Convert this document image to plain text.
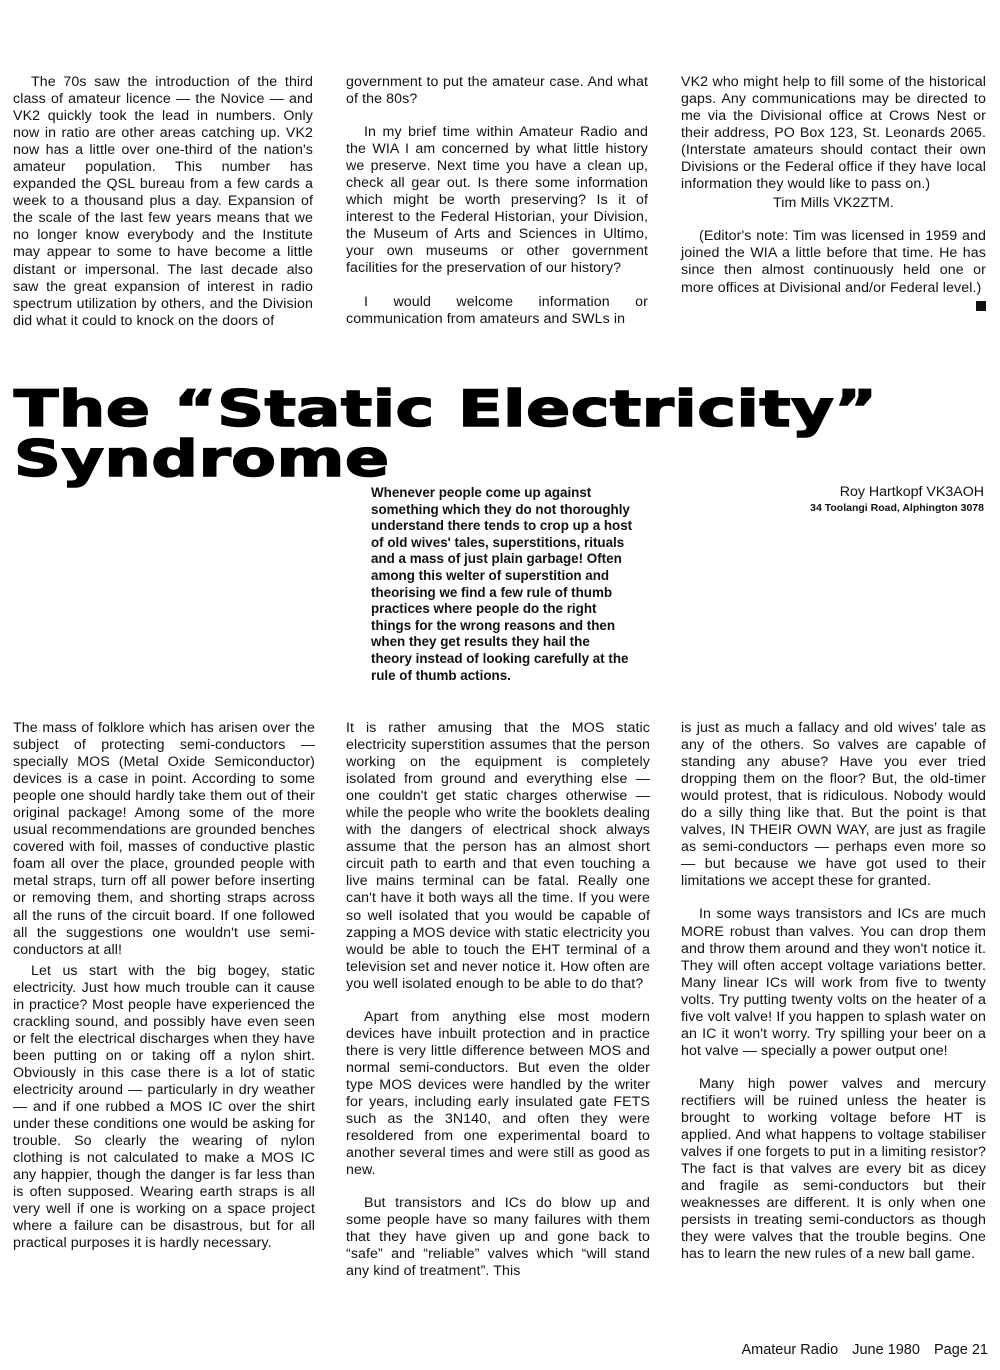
The 70s saw the introduction of the third class of amateur licence — the Novice — and VK2 quickly took the lead in numbers. Only now in ratio are other areas catching up. VK2 now has a little over one-third of the nation's amateur population. This number has expanded the QSL bureau from a few cards a week to a thousand plus a day. Expansion of the scale of the last few years means that we no longer know everybody and the Institute may appear to some to have become a little distant or impersonal. The last decade also saw the great expansion of interest in radio spectrum utilization by others, and the Division did what it could to knock on the doors of

government to put the amateur case. And what of the 80s?

In my brief time within Amateur Radio and the WIA I am concerned by what little history we preserve. Next time you have a clean up, check all gear out. Is there some information which might be worth preserving? Is it of interest to the Federal Historian, your Division, the Museum of Arts and Sciences in Ultimo, your own museums or other government facilities for the preservation of our history?

I would welcome information or communication from amateurs and SWLs in

VK2 who might help to fill some of the historical gaps. Any communications may be directed to me via the Divisional office at Crows Nest or their address, PO Box 123, St. Leonards 2065. (Interstate amateurs should contact their own Divisions or the Federal office if they have local information they would like to pass on.)

Tim Mills VK2ZTM.

(Editor's note: Tim was licensed in 1959 and joined the WIA a little before that time. He has since then almost continuously held one or more offices at Divisional and/or Federal level.)

The “Static Electricity”
Syndrome
Whenever people come up against something which they do not thoroughly understand there tends to crop up a host of old wives' tales, superstitions, rituals and a mass of just plain garbage! Often among this welter of superstition and theorising we find a few rule of thumb practices where people do the right things for the wrong reasons and then when they get results they hail the theory instead of looking carefully at the rule of thumb actions.
Roy Hartkopf VK3AOH
34 Toolangi Road, Alphington 3078

The mass of folklore which has arisen over the subject of protecting semi-conductors — specially MOS (Metal Oxide Semiconductor) devices is a case in point. According to some people one should hardly take them out of their original package! Among some of the more usual recommendations are grounded benches covered with foil, masses of conductive plastic foam all over the place, grounded people with metal straps, turn off all power before inserting or removing them, and shorting straps across all the runs of the circuit board. If one followed all the suggestions one wouldn't use semi-conductors at all!

Let us start with the big bogey, static electricity. Just how much trouble can it cause in practice? Most people have experienced the crackling sound, and possibly have even seen or felt the electrical discharges when they have been putting on or taking off a nylon shirt. Obviously in this case there is a lot of static electricity around — particularly in dry weather — and if one rubbed a MOS IC over the shirt under these conditions one would be asking for trouble. So clearly the wearing of nylon clothing is not calculated to make a MOS IC any happier, though the danger is far less than is often supposed. Wearing earth straps is all very well if one is working on a space project where a failure can be disastrous, but for all practical purposes it is hardly necessary.

It is rather amusing that the MOS static electricity superstition assumes that the person working on the equipment is completely isolated from ground and everything else — one couldn't get static charges otherwise — while the people who write the booklets dealing with the dangers of electrical shock always assume that the person has an almost short circuit path to earth and that even touching a live mains terminal can be fatal. Really one can't have it both ways all the time. If you were so well isolated that you would be capable of zapping a MOS device with static electricity you would be able to touch the EHT terminal of a television set and never notice it. How often are you well isolated enough to be able to do that?

Apart from anything else most modern devices have inbuilt protection and in practice there is very little difference between MOS and normal semi-conductors. But even the older type MOS devices were handled by the writer for years, including early insulated gate FETS such as the 3N140, and often they were resoldered from one experimental board to another several times and were still as good as new.

But transistors and ICs do blow up and some people have so many failures with them that they have given up and gone back to “safe” and “reliable” valves which “will stand any kind of treatment”. This

is just as much a fallacy and old wives' tale as any of the others. So valves are capable of standing any abuse? Have you ever tried dropping them on the floor? But, the old-timer would protest, that is ridiculous. Nobody would do a silly thing like that. But the point is that valves, IN THEIR OWN WAY, are just as fragile as semi-conductors — perhaps even more so — but because we have got used to their limitations we accept these for granted.

In some ways transistors and ICs are much MORE robust than valves. You can drop them and throw them around and they won't notice it. They will often accept voltage variations better. Many linear ICs will work from five to twenty volts. Try putting twenty volts on the heater of a five volt valve! If you happen to splash water on an IC it won't worry. Try spilling your beer on a hot valve — specially a power output one!

Many high power valves and mercury rectifiers will be ruined unless the heater is brought to working voltage before HT is applied. And what happens to voltage stabiliser valves if one forgets to put in a limiting resistor? The fact is that valves are every bit as dicey and fragile as semi-conductors but their weaknesses are different. It is only when one persists in treating semi-conductors as though they were valves that the trouble begins. One has to learn the new rules of a new ball game.

Amateur Radio June 1980 Page 21
